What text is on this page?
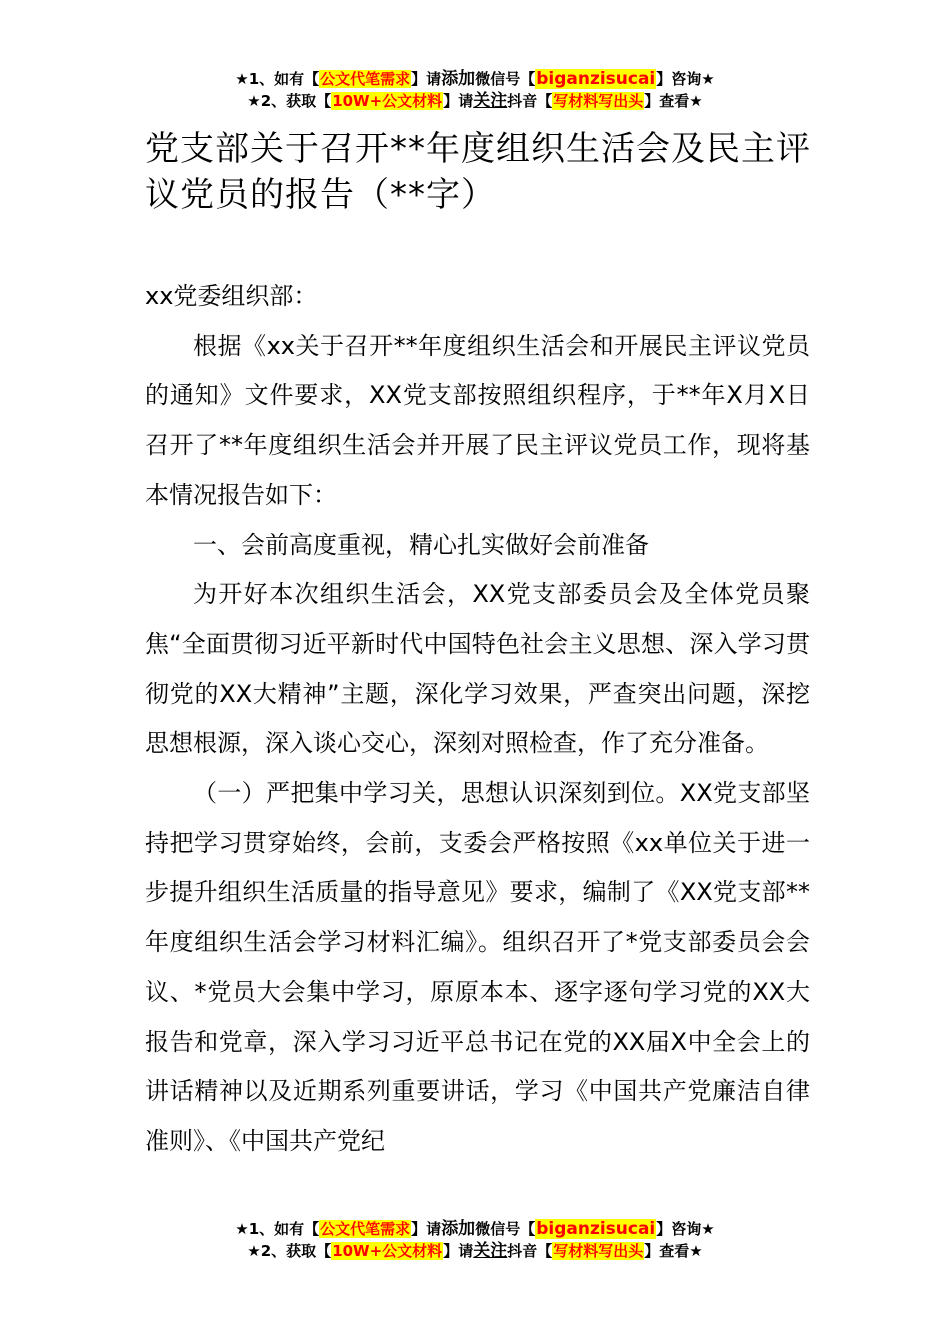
★1、如有【公文代笔需求】请添加微信号【biganzisucai】咨询★
★2、获取【10W+公文材料】请关注抖音【写材料写出头】查看★
党支部关于召开**年度组织生活会及民主评议党员的报告（**字）

xx党委组织部：

根据《xx关于召开**年度组织生活会和开展民主评议党员的通知》文件要求，XX党支部按照组织程序，于**年X月X日召开了**年度组织生活会并开展了民主评议党员工作，现将基本情况报告如下：

一、会前高度重视，精心扎实做好会前准备

为开好本次组织生活会，XX党支部委员会及全体党员聚焦“全面贯彻习近平新时代中国特色社会主义思想、深入学习贯彻党的XX大精神”主题，深化学习效果，严查突出问题，深挖思想根源，深入谈心交心，深刻对照检查，作了充分准备。

（一）严把集中学习关，思想认识深刻到位。XX党支部坚持把学习贯穿始终，会前，支委会严格按照《xx单位关于进一步提升组织生活质量的指导意见》要求，编制了《XX党支部**年度组织生活会学习材料汇编》。组织召开了*党支部委员会会议、*党员大会集中学习，原原本本、逐字逐句学习党的XX大报告和党章，深入学习习近平总书记在党的XX届X中全会上的讲话精神以及近期系列重要讲话，学习《中国共产党廉洁自律准则》、《中国共产党纪

★1、如有【公文代笔需求】请添加微信号【biganzisucai】咨询★
★2、获取【10W+公文材料】请关注抖音【写材料写出头】查看★
